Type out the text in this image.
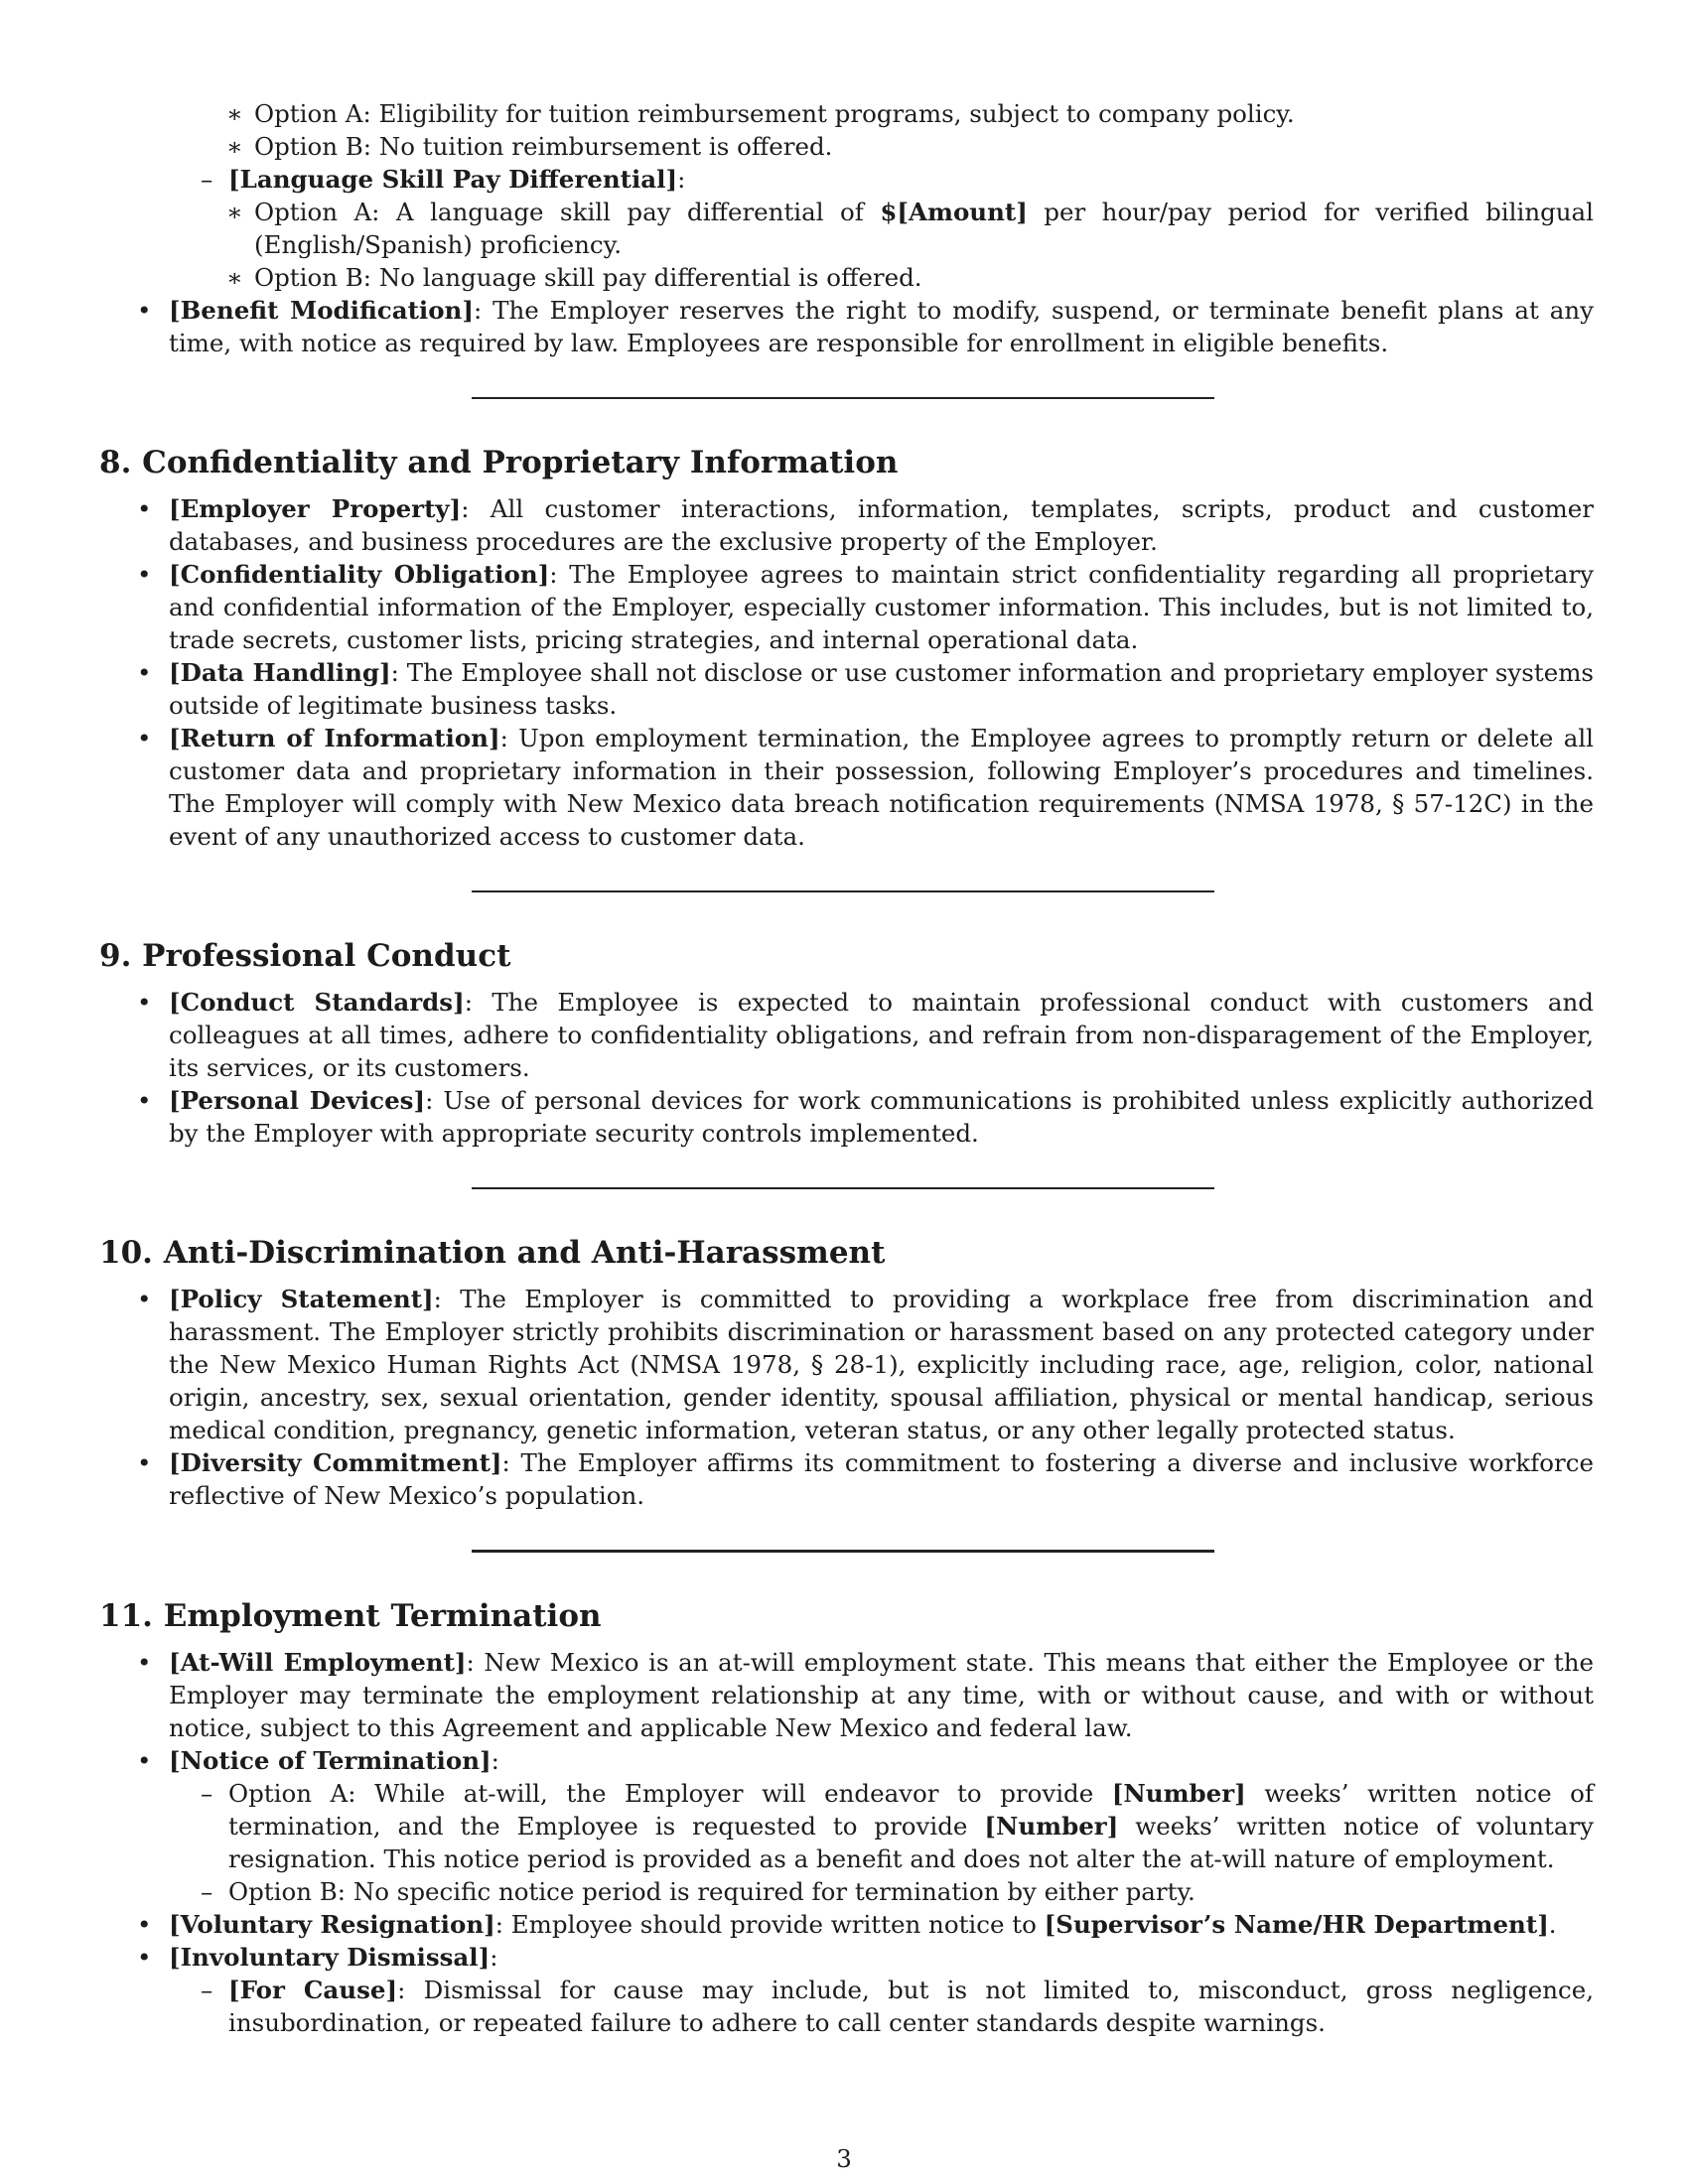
∗ Option A: Eligibility for tuition reimbursement programs, subject to company policy.
∗ Option B: No tuition reimbursement is offered.
– [Language Skill Pay Differential]:
∗ Option A: A language skill pay differential of $[Amount] per hour/pay period for verified bilingual (English/Spanish) proficiency.
∗ Option B: No language skill pay differential is offered.
• [Benefit Modification]: The Employer reserves the right to modify, suspend, or terminate benefit plans at any time, with notice as required by law. Employees are responsible for enrollment in eligible benefits.
8. Confidentiality and Proprietary Information
• [Employer Property]: All customer interactions, information, templates, scripts, product and customer databases, and business procedures are the exclusive property of the Employer.
• [Confidentiality Obligation]: The Employee agrees to maintain strict confidentiality regarding all proprietary and confidential information of the Employer, especially customer information. This includes, but is not limited to, trade secrets, customer lists, pricing strategies, and internal operational data.
• [Data Handling]: The Employee shall not disclose or use customer information and proprietary employer systems outside of legitimate business tasks.
• [Return of Information]: Upon employment termination, the Employee agrees to promptly return or delete all customer data and proprietary information in their possession, following Employer’s procedures and timelines. The Employer will comply with New Mexico data breach notification requirements (NMSA 1978, § 57-12C) in the event of any unauthorized access to customer data.
9. Professional Conduct
• [Conduct Standards]: The Employee is expected to maintain professional conduct with customers and colleagues at all times, adhere to confidentiality obligations, and refrain from non-disparagement of the Employer, its services, or its customers.
• [Personal Devices]: Use of personal devices for work communications is prohibited unless explicitly authorized by the Employer with appropriate security controls implemented.
10. Anti-Discrimination and Anti-Harassment
• [Policy Statement]: The Employer is committed to providing a workplace free from discrimination and harassment. The Employer strictly prohibits discrimination or harassment based on any protected category under the New Mexico Human Rights Act (NMSA 1978, § 28-1), explicitly including race, age, religion, color, national origin, ancestry, sex, sexual orientation, gender identity, spousal affiliation, physical or mental handicap, serious medical condition, pregnancy, genetic information, veteran status, or any other legally protected status.
• [Diversity Commitment]: The Employer affirms its commitment to fostering a diverse and inclusive workforce reflective of New Mexico’s population.
11. Employment Termination
• [At-Will Employment]: New Mexico is an at-will employment state. This means that either the Employee or the Employer may terminate the employment relationship at any time, with or without cause, and with or without notice, subject to this Agreement and applicable New Mexico and federal law.
• [Notice of Termination]:
– Option A: While at-will, the Employer will endeavor to provide [Number] weeks’ written notice of termination, and the Employee is requested to provide [Number] weeks’ written notice of voluntary resignation. This notice period is provided as a benefit and does not alter the at-will nature of employment.
– Option B: No specific notice period is required for termination by either party.
• [Voluntary Resignation]: Employee should provide written notice to [Supervisor’s Name/HR Department].
• [Involuntary Dismissal]:
– [For Cause]: Dismissal for cause may include, but is not limited to, misconduct, gross negligence, insubordination, or repeated failure to adhere to call center standards despite warnings.
3
